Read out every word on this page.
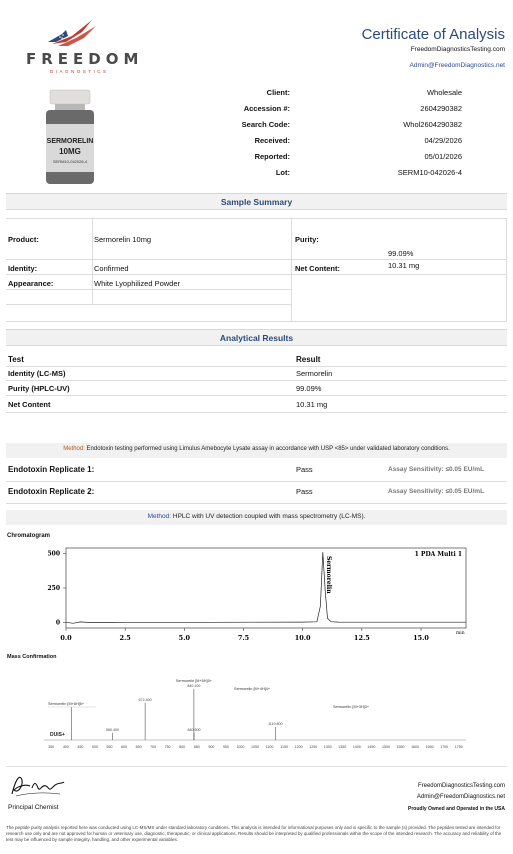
FREEDOM
DIAGNOSTICS
Certificate of Analysis
FreedomDiagnosticsTesting.com
Admin@FreedomDiagnostics.net
SERMORELIN
10MG
SERM10-042026-4
Client:	Wholesale
Accession #:	2604290382
Search Code:	Whol2604290382
Received:	04/29/2026
Reported:	05/01/2026
Lot:	SERM10-042026-4
Sample Summary
Product:	Sermorelin 10mg
Identity:	Confirmed
Appearance:	White Lyophilized Powder
Purity:
99.09%
Net Content:	10.31 mg
Analytical Results
Test	Result
Identity (LC-MS)	Sermorelin
Purity (HPLC-UV)	99.09%
Net Content	10.31 mg
Method: Endotoxin testing performed using Limulus Amebocyte Lysate assay in accordance with USP <85> under validated laboratory conditions.
Endotoxin Replicate 1:	Pass	Assay Sensitivity: ≤0.05 EU/mL
Endotoxin Replicate 2:	Pass	Assay Sensitivity: ≤0.05 EU/mL
Method: HPLC with UV detection coupled with mass spectrometry (LC-MS).
Chromatogram
0
250
500
0.0	2.5	5.0	7.5	10.0	12.5	15.0
min
1 PDA Multi 1
Sermorelin
Mass Confirmation
350 400 450 500 550 600 650 700 750 800 850 900 950 1000 1050 1100 1150 1200 1250 1300 1350 1400 1450 1500 1550 1600 1650 1700 1750
560.400
672.400
840.100
840.500
1119.800
Sermorelin [M+6H]6+
Sermorelin [M+5H]5+
Sermorelin [M+4H]4+
Sermorelin [M+3H]3+
DUIS+
Principal Chemist
FreedomDiagnosticsTesting.com
Admin@FreedomDiagnostics.net
Proudly Owned and Operated in the USA
The peptide purity analysis reported here was conducted using LC-MS/MS under standard laboratory conditions. This analysis is intended for informational purposes only and is specific to the sample (s) provided. The peptides tested are intended for research use only and are not approved for human or veterinary use, diagnostic, therapeutic, or clinical applications. Results should be interpreted by qualified professionals within the scope of the intended research. The accuracy and reliability of the test may be influenced by sample integrity, handling, and other experimental variables.
